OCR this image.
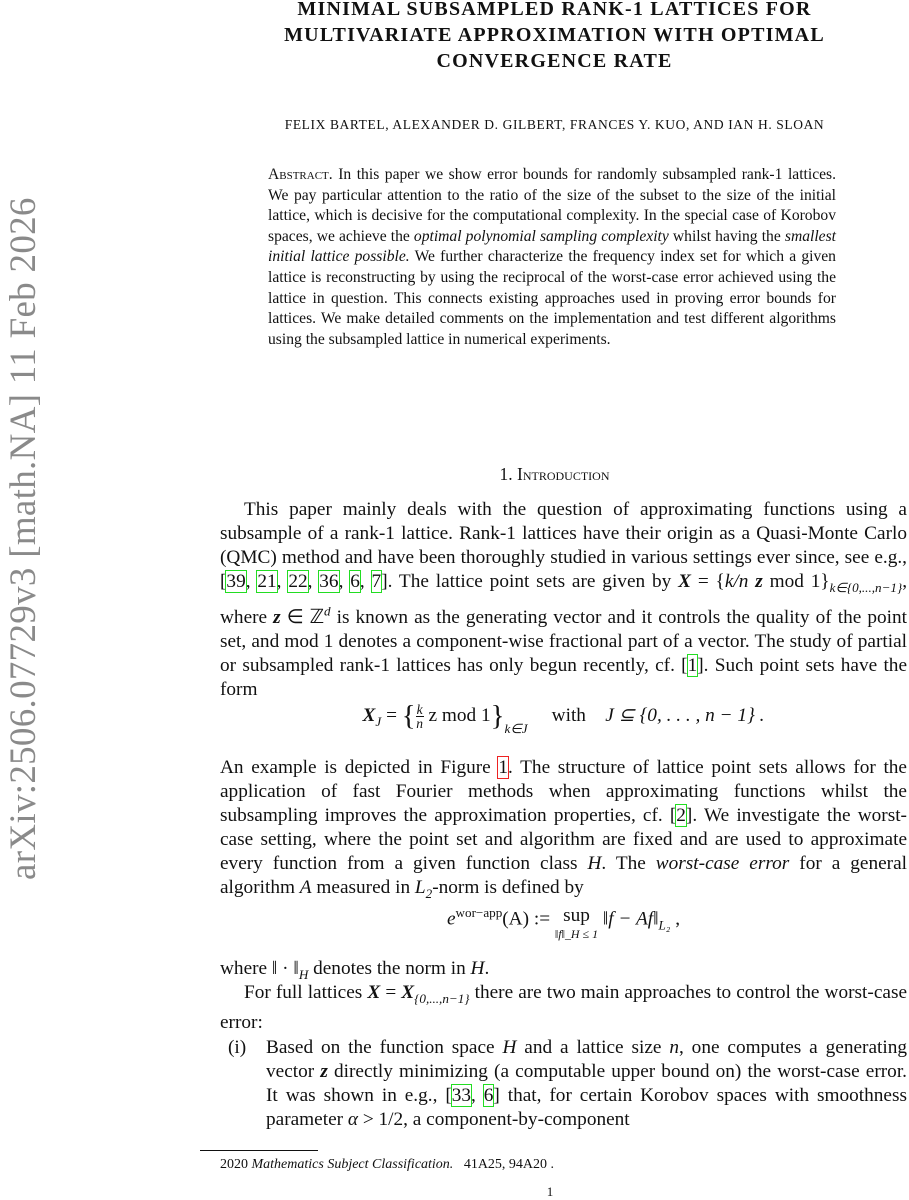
arXiv:2506.07729v3 [math.NA] 11 Feb 2026
MINIMAL SUBSAMPLED RANK-1 LATTICES FOR
MULTIVARIATE APPROXIMATION WITH OPTIMAL
CONVERGENCE RATE
FELIX BARTEL, ALEXANDER D. GILBERT, FRANCES Y. KUO, AND IAN H. SLOAN
Abstract. In this paper we show error bounds for randomly subsampled rank-1 lattices. We pay particular attention to the ratio of the size of the subset to the size of the initial lattice, which is decisive for the computational complexity. In the special case of Korobov spaces, we achieve the optimal polynomial sampling complexity whilst having the smallest initial lattice possible. We further characterize the frequency index set for which a given lattice is reconstructing by using the reciprocal of the worst-case error achieved using the lattice in question. This connects existing approaches used in proving error bounds for lattices. We make detailed comments on the implementation and test different algorithms using the subsampled lattice in numerical experiments.
1. Introduction
This paper mainly deals with the question of approximating functions using a subsample of a rank-1 lattice. Rank-1 lattices have their origin as a Quasi-Monte Carlo (QMC) method and have been thoroughly studied in various settings ever since, see e.g., [39, 21, 22, 36, 6, 7]. The lattice point sets are given by X = {k/n z mod $1\}_{k\in\{0,...,n-1\}}$, where z ∈ ℤ$^d$ is known as the generating vector and it controls the quality of the point set, and mod 1 denotes a component-wise fractional part of a vector. The study of partial or subsampled rank-1 lattices has only begun recently, cf. [1]. Such point sets have the form
$X_J$ = { $\frac{k}{n}$ z mod $1\}_{k\in J}$     with J ⊆ {0, . . . , n − 1} .
An example is depicted in Figure 1. The structure of lattice point sets allows for the application of fast Fourier methods when approximating functions whilst the subsampling improves the approximation properties, cf. [2]. We investigate the worst-case setting, where the point set and algorithm are fixed and are used to approximate every function from a given function class H. The worst-case error for a general algorithm A measured in $L_2$-norm is defined by
$e^{wor-app}(A)$ := sup
‖f‖_H ≤ 1
‖f − $Af‖_{L_2}$ ,
where ‖ · $‖_H$ denotes the norm in H.
For full lattices $X = X_{\{0,...,n-1\}}$ there are two main approaches to control the worst-case error:
(i) Based on the function space H and a lattice size n, one computes a generating vector z directly minimizing (a computable upper bound on) the worst-case error. It was shown in e.g., [33, 6] that, for certain Korobov spaces with smoothness parameter α > 1/2, a component-by-component
2020 Mathematics Subject Classification. 41A25, 94A20 .
1
